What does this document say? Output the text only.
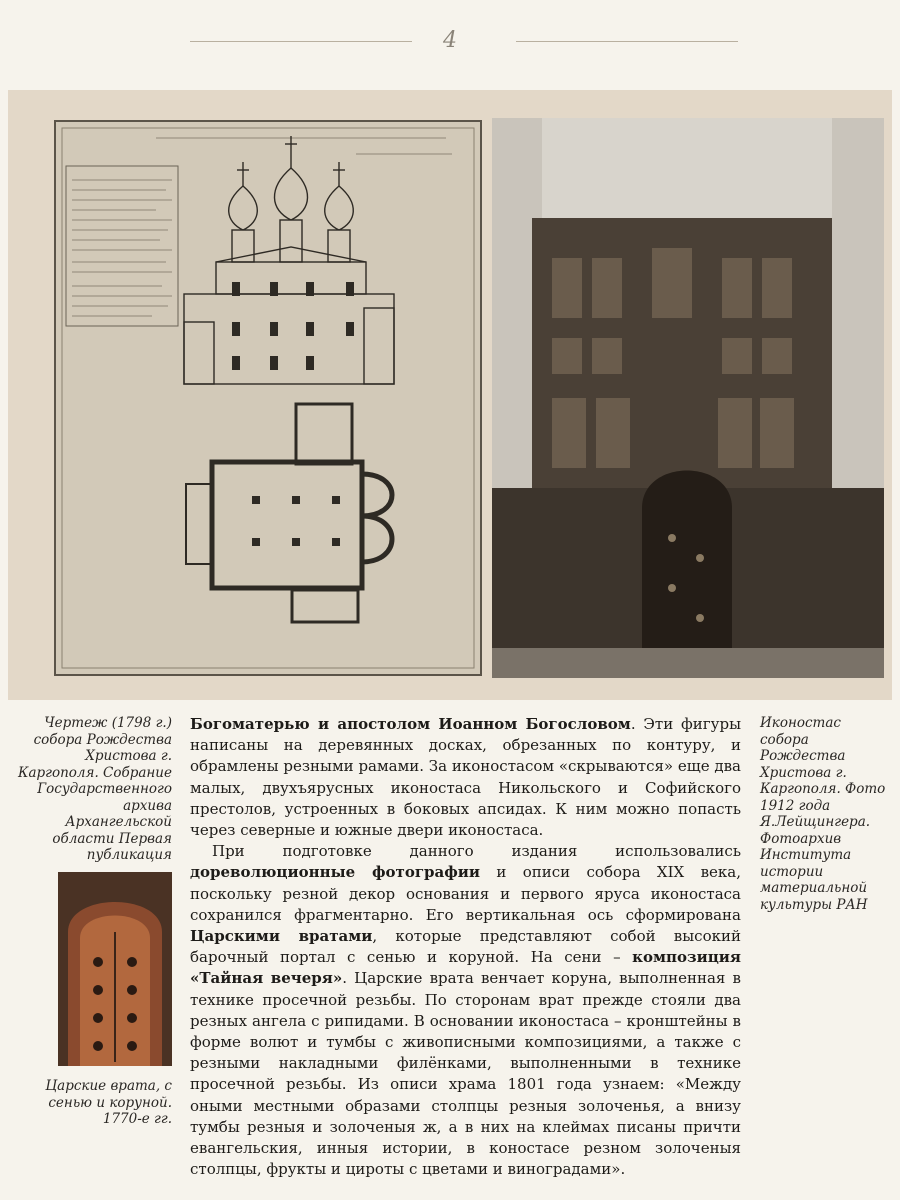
4
Чертеж (1798 г.) собора Рождества Христова г. Каргополя. Собрание Государственного архива Архангельской области Первая публикация
Иконостас собора Рождества Христова г. Каргополя. Фото 1912 года Я.Лейщингера. Фотоархив Института истории материальной культуры РАН
Царские врата, с сенью и коруной. 1770-е гг.

Богоматерью и апостолом Иоанном Богословом. Эти фигуры написаны на деревянных досках, обрезанных по контуру, и обрамлены резными рамами. За иконостасом «скрываются» еще два малых, двухъярусных иконостаса Никольского и Софийского престолов, устроенных в боковых апсидах. К ним можно попасть через северные и южные двери иконостаса.

При подготовке данного издания использовались дореволюционные фотографии и описи собора XIX века, поскольку резной декор основания и первого яруса иконостаса сохранился фрагментарно. Его вертикальная ось сформирована Царскими вратами, которые представляют собой высокий барочный портал с сенью и коруной. На сени – композиция «Тайная вечеря». Царские врата венчает коруна, выполненная в технике просечной резьбы. По сторонам врат прежде стояли два резных ангела с рипидами. В основании иконостаса – кронштейны в форме волют и тумбы с живописными композициями, а также с резными накладными филёнками, выполненными в технике просечной резьбы. Из описи храма 1801 года узнаем: «Между оными местными образами столпцы резныя золоченья, а внизу тумбы резныя и золоченыя ж, а в них на клеймах писаны причти евангельския, инныя истории, в коностасе резном золоченыя столпцы, фрукты и цироты с цветами и виноградами».
